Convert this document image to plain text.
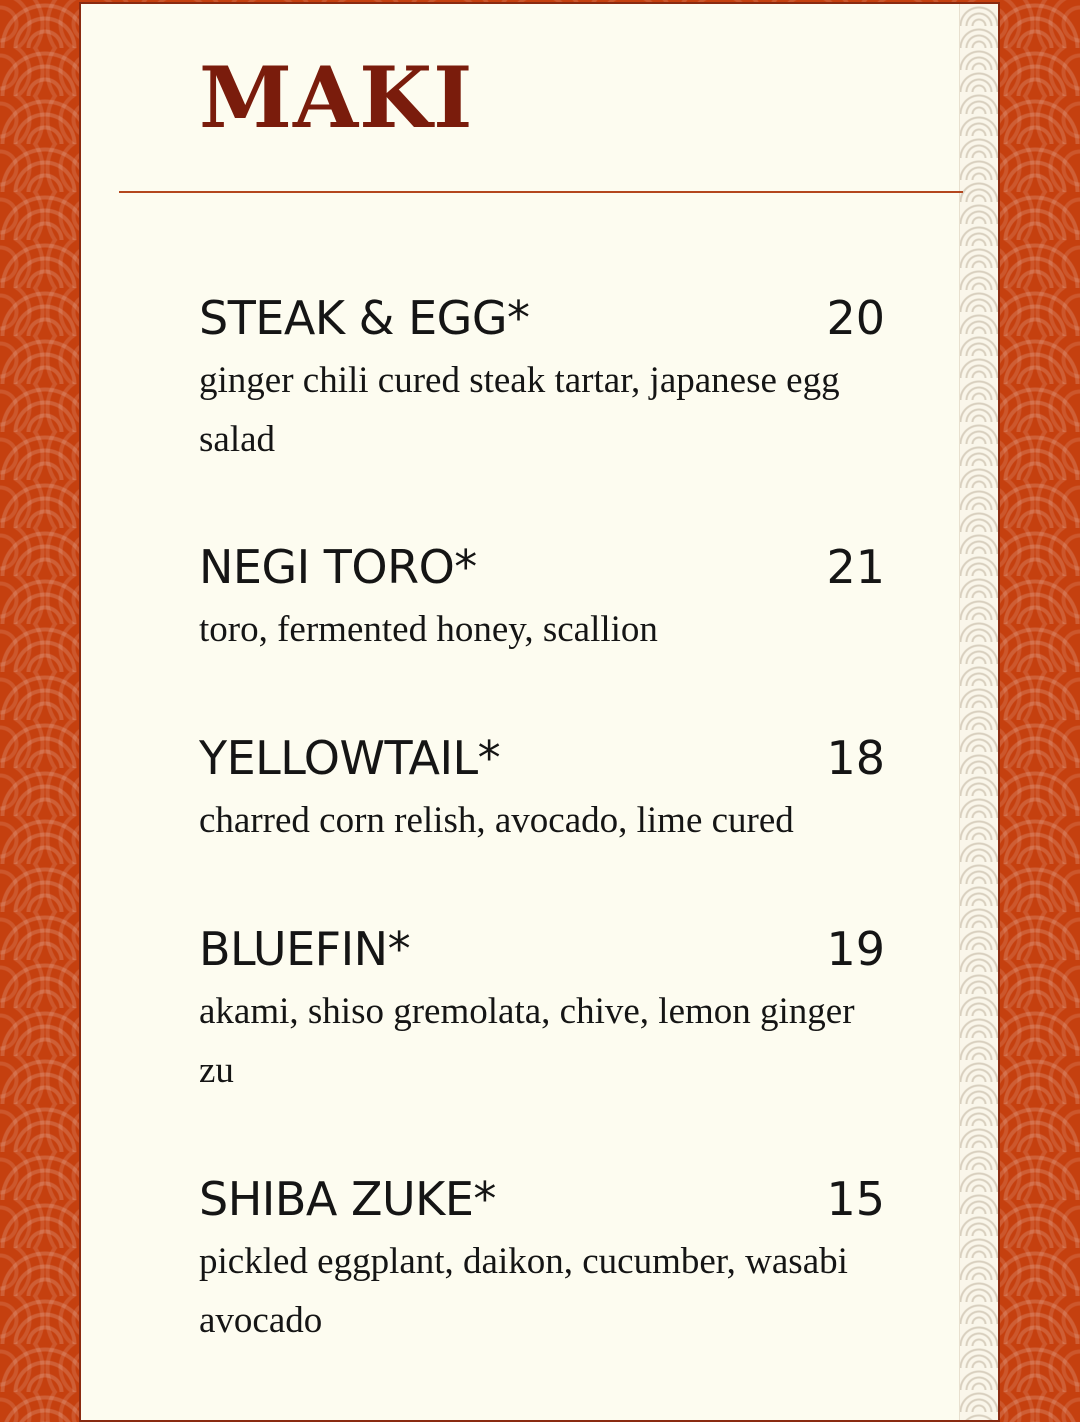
MAKI
STEAK & EGG*	20

ginger chili cured steak tartar, japanese egg salad

NEGI TORO*	21

toro, fermented honey, scallion

YELLOWTAIL*	18

charred corn relish, avocado, lime cured

BLUEFIN*	19

akami, shiso gremolata, chive, lemon ginger zu

SHIBA ZUKE*	15

pickled eggplant, daikon, cucumber, wasabi avocado
